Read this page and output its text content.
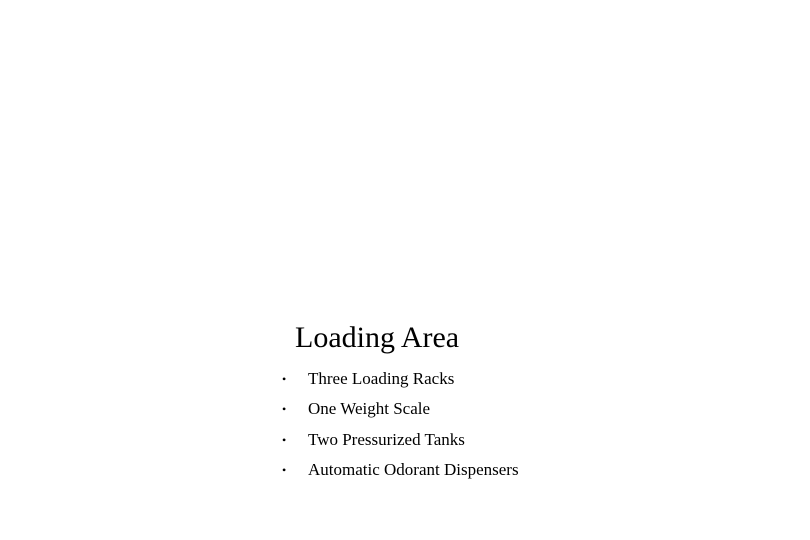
Loading Area
• Three Loading Racks
• One Weight Scale
• Two Pressurized Tanks
• Automatic Odorant Dispensers
